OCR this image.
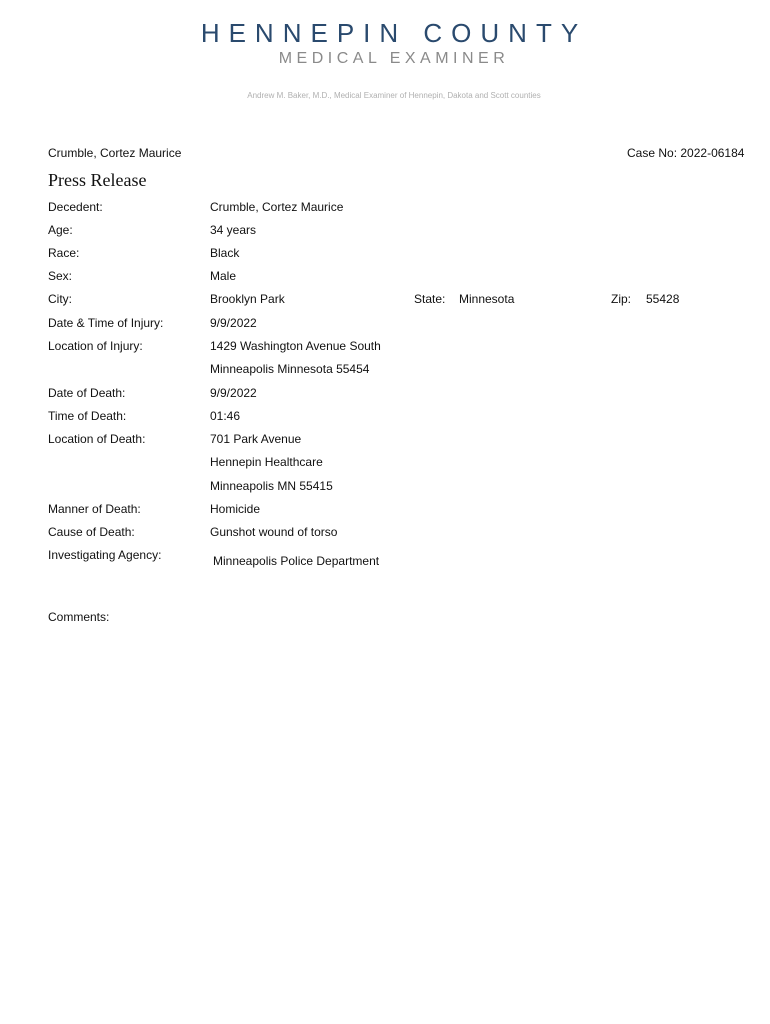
HENNEPIN COUNTY
MEDICAL EXAMINER
Andrew M. Baker, M.D., Medical Examiner of Hennepin, Dakota and Scott counties
Crumble, Cortez Maurice	Case No: 2022-06184
Press Release
Decedent:	Crumble, Cortez Maurice
Age:	34 years
Race:	Black
Sex:	Male
City:	Brooklyn Park	State: Minnesota	Zip: 55428
Date & Time of Injury:	9/9/2022
Location of Injury:	1429 Washington Avenue South
Minneapolis Minnesota 55454
Date of Death:	9/9/2022
Time of Death:	01:46
Location of Death:	701 Park Avenue
Hennepin Healthcare
Minneapolis MN 55415
Manner of Death:	Homicide
Cause of Death:	Gunshot wound of torso
Investigating Agency:	Minneapolis Police Department
Comments:
